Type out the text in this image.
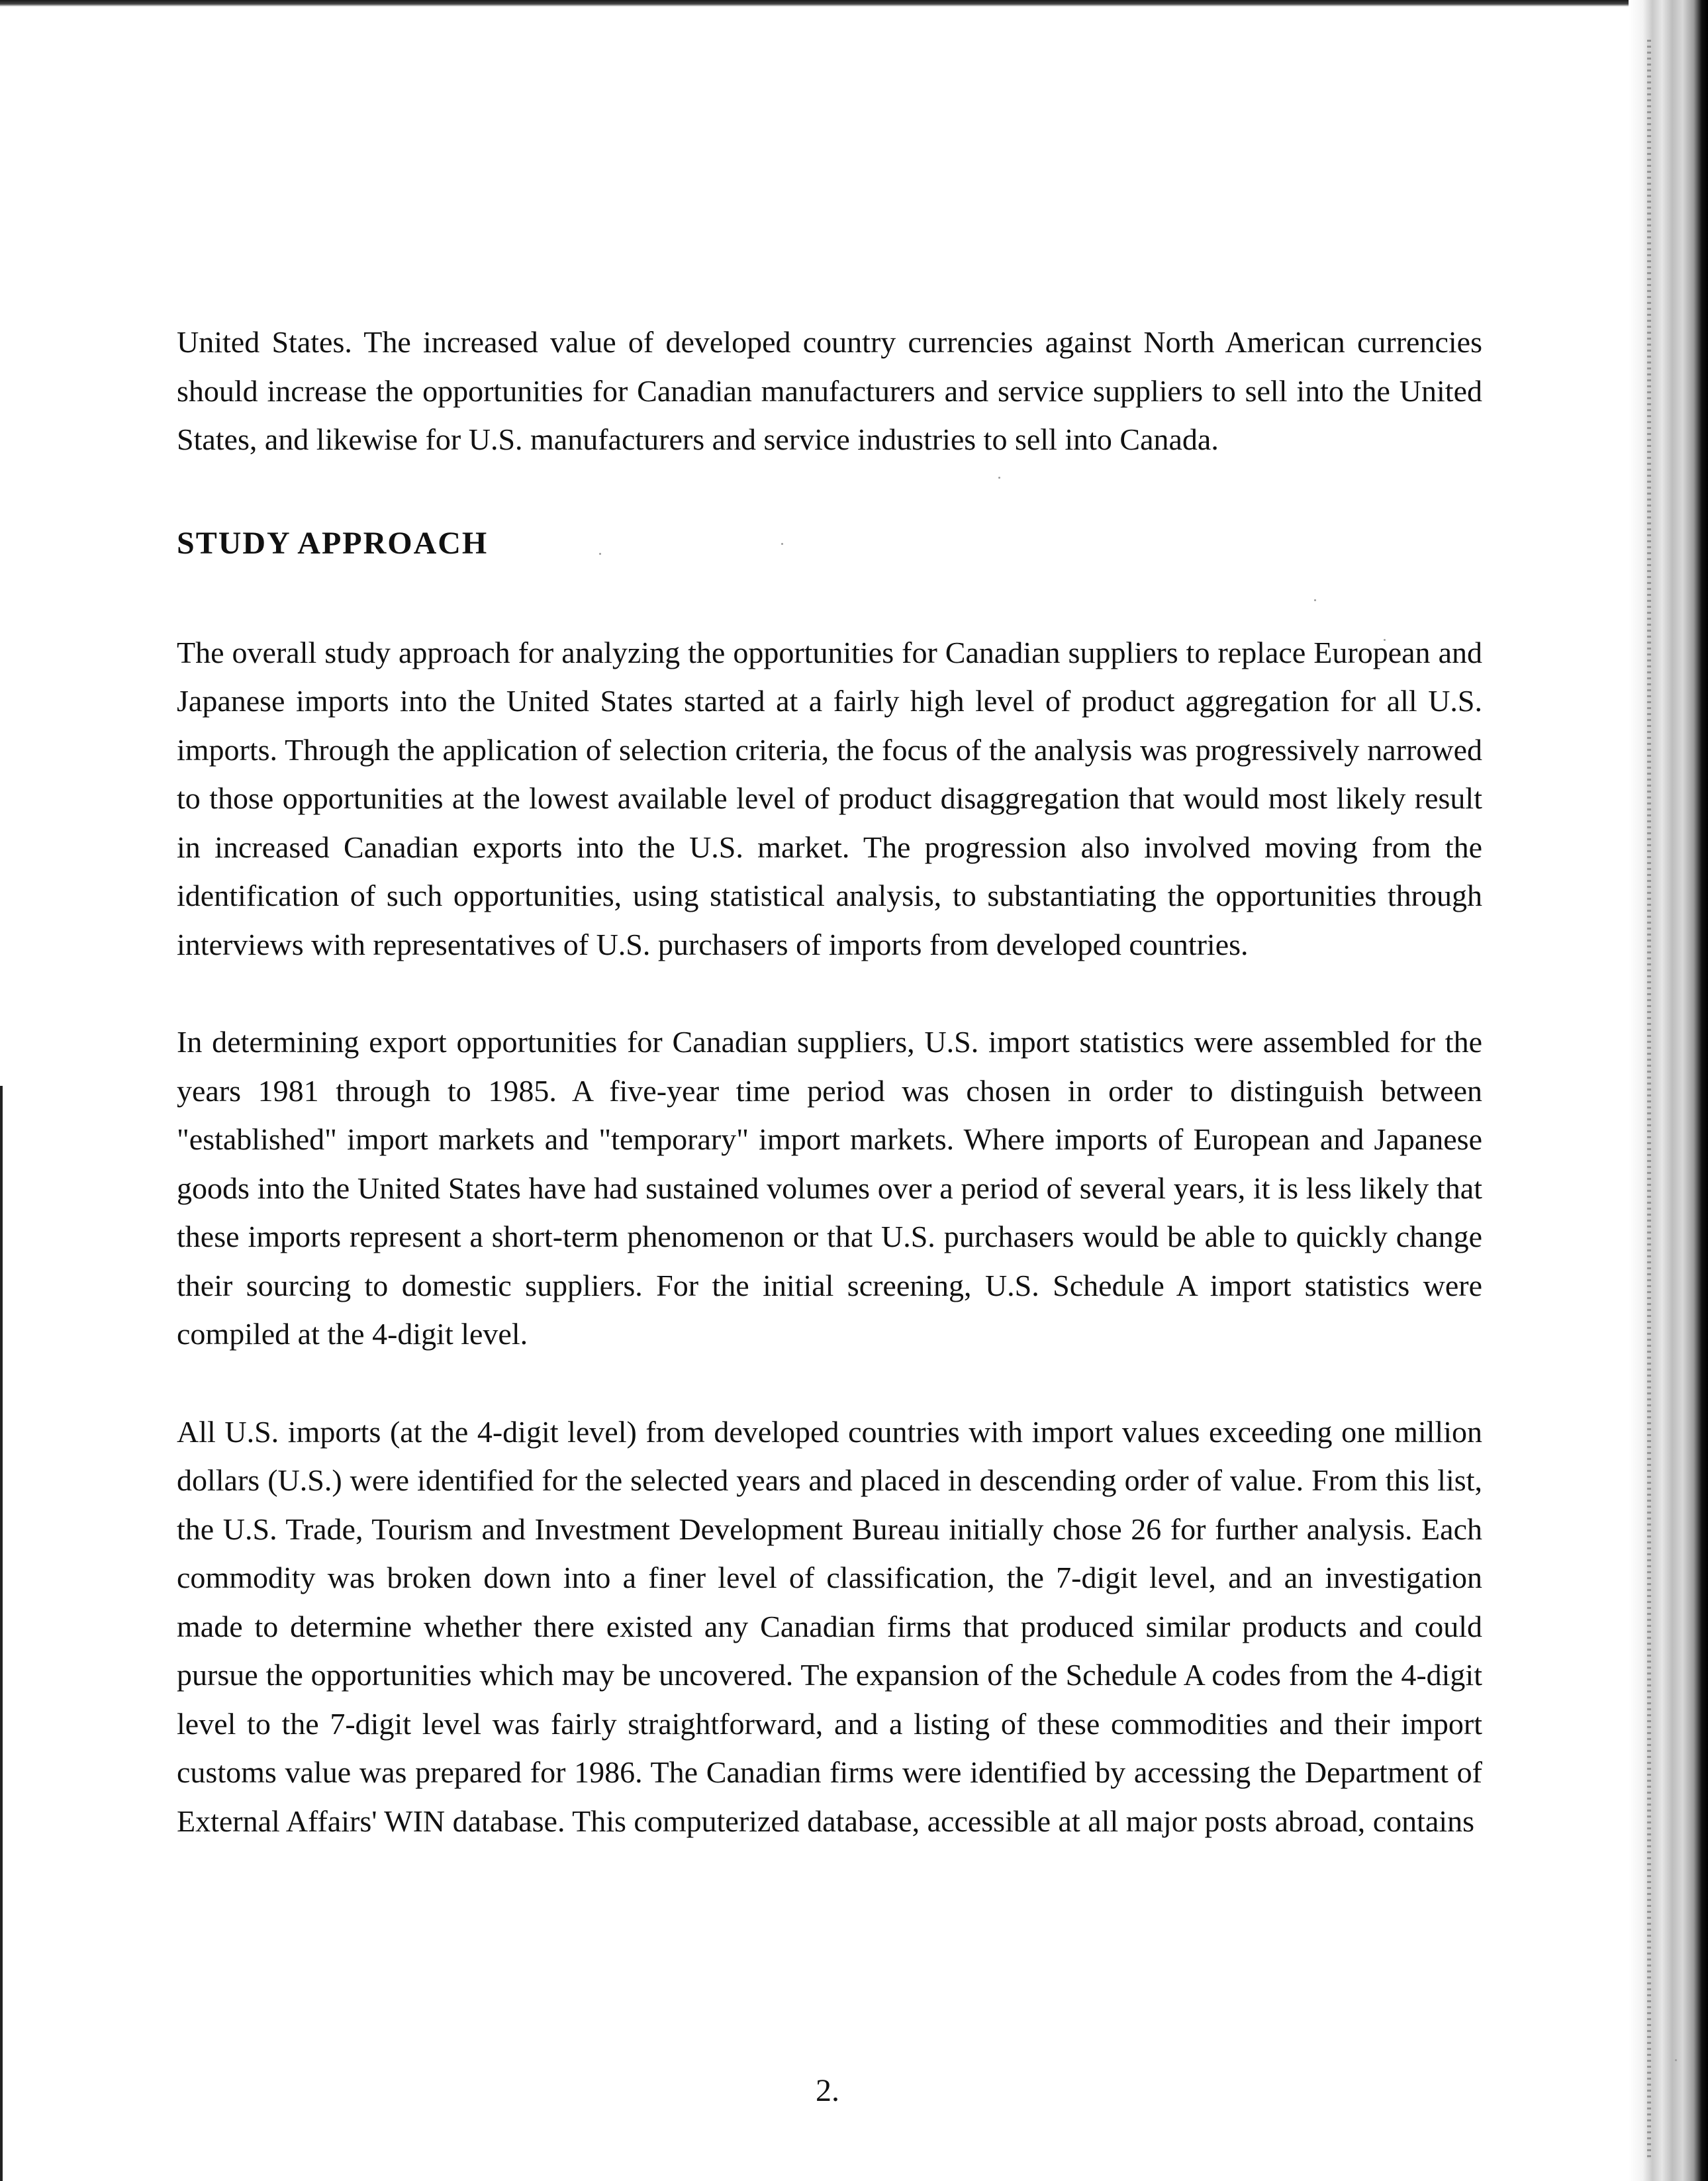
United States. The increased value of developed country currencies against North American currencies should increase the opportunities for Canadian manufacturers and service suppliers to sell into the United States, and likewise for U.S. manufacturers and service industries to sell into Canada.

STUDY APPROACH

The overall study approach for analyzing the opportunities for Canadian suppliers to replace European and Japanese imports into the United States started at a fairly high level of product aggregation for all U.S. imports. Through the application of selection criteria, the focus of the analysis was progressively narrowed to those opportunities at the lowest available level of product disaggregation that would most likely result in increased Canadian exports into the U.S. market. The progression also involved moving from the identification of such opportunities, using statistical analysis, to substantiating the opportunities through interviews with representatives of U.S. purchasers of imports from developed countries.

In determining export opportunities for Canadian suppliers, U.S. import statistics were assembled for the years 1981 through to 1985. A five-year time period was chosen in order to distinguish between "established" import markets and "temporary" import markets. Where imports of European and Japanese goods into the United States have had sustained volumes over a period of several years, it is less likely that these imports represent a short-term phenomenon or that U.S. purchasers would be able to quickly change their sourcing to domestic suppliers. For the initial screening, U.S. Schedule A import statistics were compiled at the 4-digit level.

All U.S. imports (at the 4-digit level) from developed countries with import values exceeding one million dollars (U.S.) were identified for the selected years and placed in descending order of value. From this list, the U.S. Trade, Tourism and Investment Development Bureau initially chose 26 for further analysis. Each commodity was broken down into a finer level of classification, the 7-digit level, and an investigation made to determine whether there existed any Canadian firms that produced similar products and could pursue the opportunities which may be uncovered. The expansion of the Schedule A codes from the 4-digit level to the 7-digit level was fairly straightforward, and a listing of these commodities and their import customs value was prepared for 1986. The Canadian firms were identified by accessing the Department of External Affairs' WIN database. This computerized database, accessible at all major posts abroad, contains

2.
